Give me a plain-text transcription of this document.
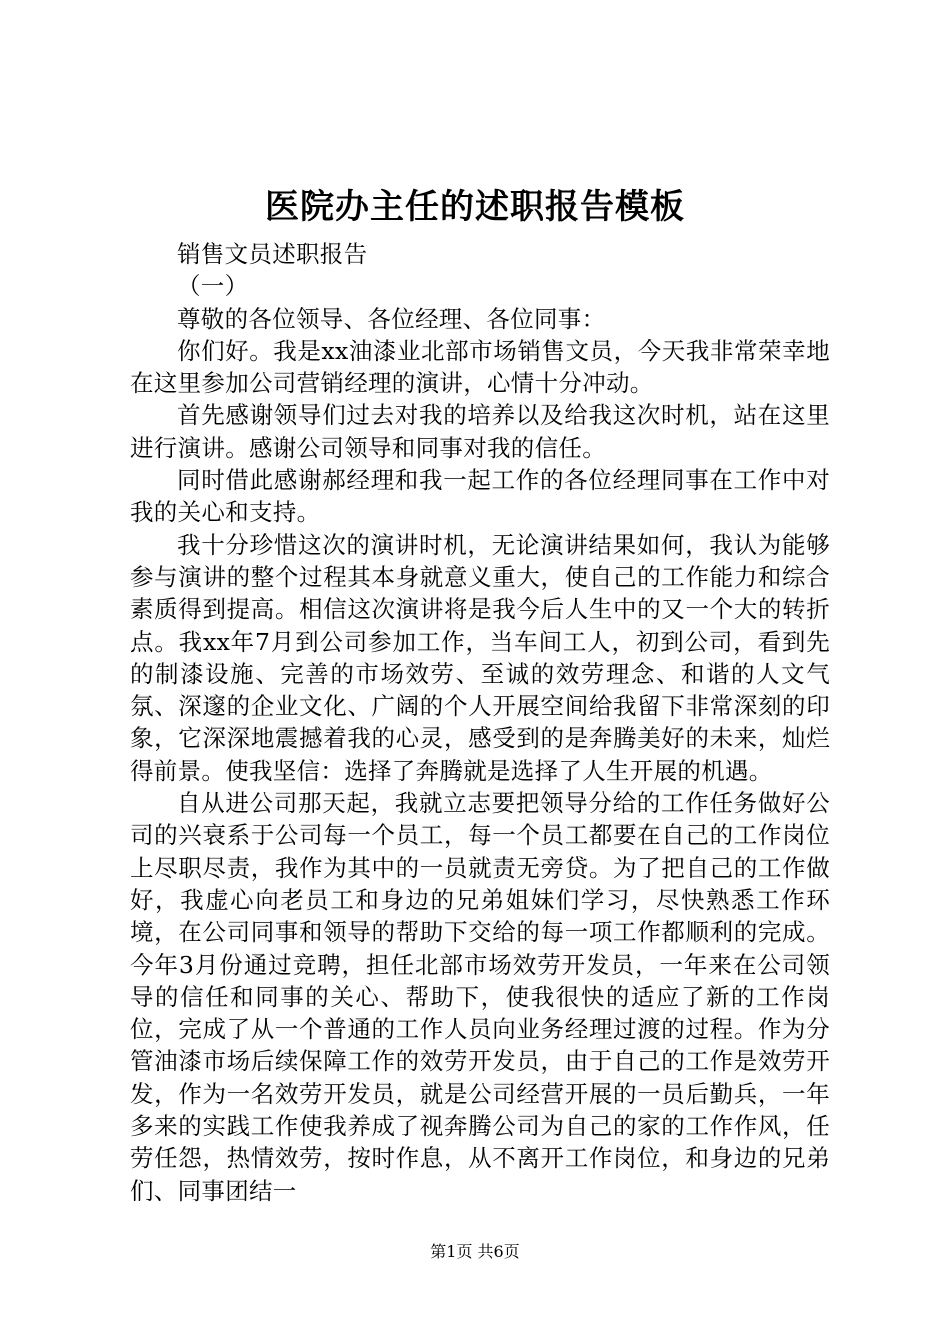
医院办主任的述职报告模板

销售文员述职报告

（一）

尊敬的各位领导、各位经理、各位同事：

你们好。我是xx油漆业北部市场销售文员，今天我非常荣幸地在这里参加公司营销经理的演讲，心情十分冲动。

首先感谢领导们过去对我的培养以及给我这次时机，站在这里进行演讲。感谢公司领导和同事对我的信任。

同时借此感谢郝经理和我一起工作的各位经理同事在工作中对我的关心和支持。

我十分珍惜这次的演讲时机，无论演讲结果如何，我认为能够参与演讲的整个过程其本身就意义重大，使自己的工作能力和综合素质得到提高。相信这次演讲将是我今后人生中的又一个大的转折点。我xx年7月到公司参加工作，当车间工人，初到公司，看到先的制漆设施、完善的市场效劳、至诚的效劳理念、和谐的人文气氛、深邃的企业文化、广阔的个人开展空间给我留下非常深刻的印象，它深深地震撼着我的心灵，感受到的是奔腾美好的未来，灿烂得前景。使我坚信：选择了奔腾就是选择了人生开展的机遇。

自从进公司那天起，我就立志要把领导分给的工作任务做好公司的兴衰系于公司每一个员工，每一个员工都要在自己的工作岗位上尽职尽责，我作为其中的一员就责无旁贷。为了把自己的工作做好，我虚心向老员工和身边的兄弟姐妹们学习，尽快熟悉工作环境，在公司同事和领导的帮助下交给的每一项工作都顺利的完成。今年3月份通过竞聘，担任北部市场效劳开发员，一年来在公司领导的信任和同事的关心、帮助下，使我很快的适应了新的工作岗位，完成了从一个普通的工作人员向业务经理过渡的过程。作为分管油漆市场后续保障工作的效劳开发员，由于自己的工作是效劳开发，作为一名效劳开发员，就是公司经营开展的一员后勤兵，一年多来的实践工作使我养成了视奔腾公司为自己的家的工作作风，任劳任怨，热情效劳，按时作息，从不离开工作岗位，和身边的兄弟们、同事团结一

第1页 共6页
